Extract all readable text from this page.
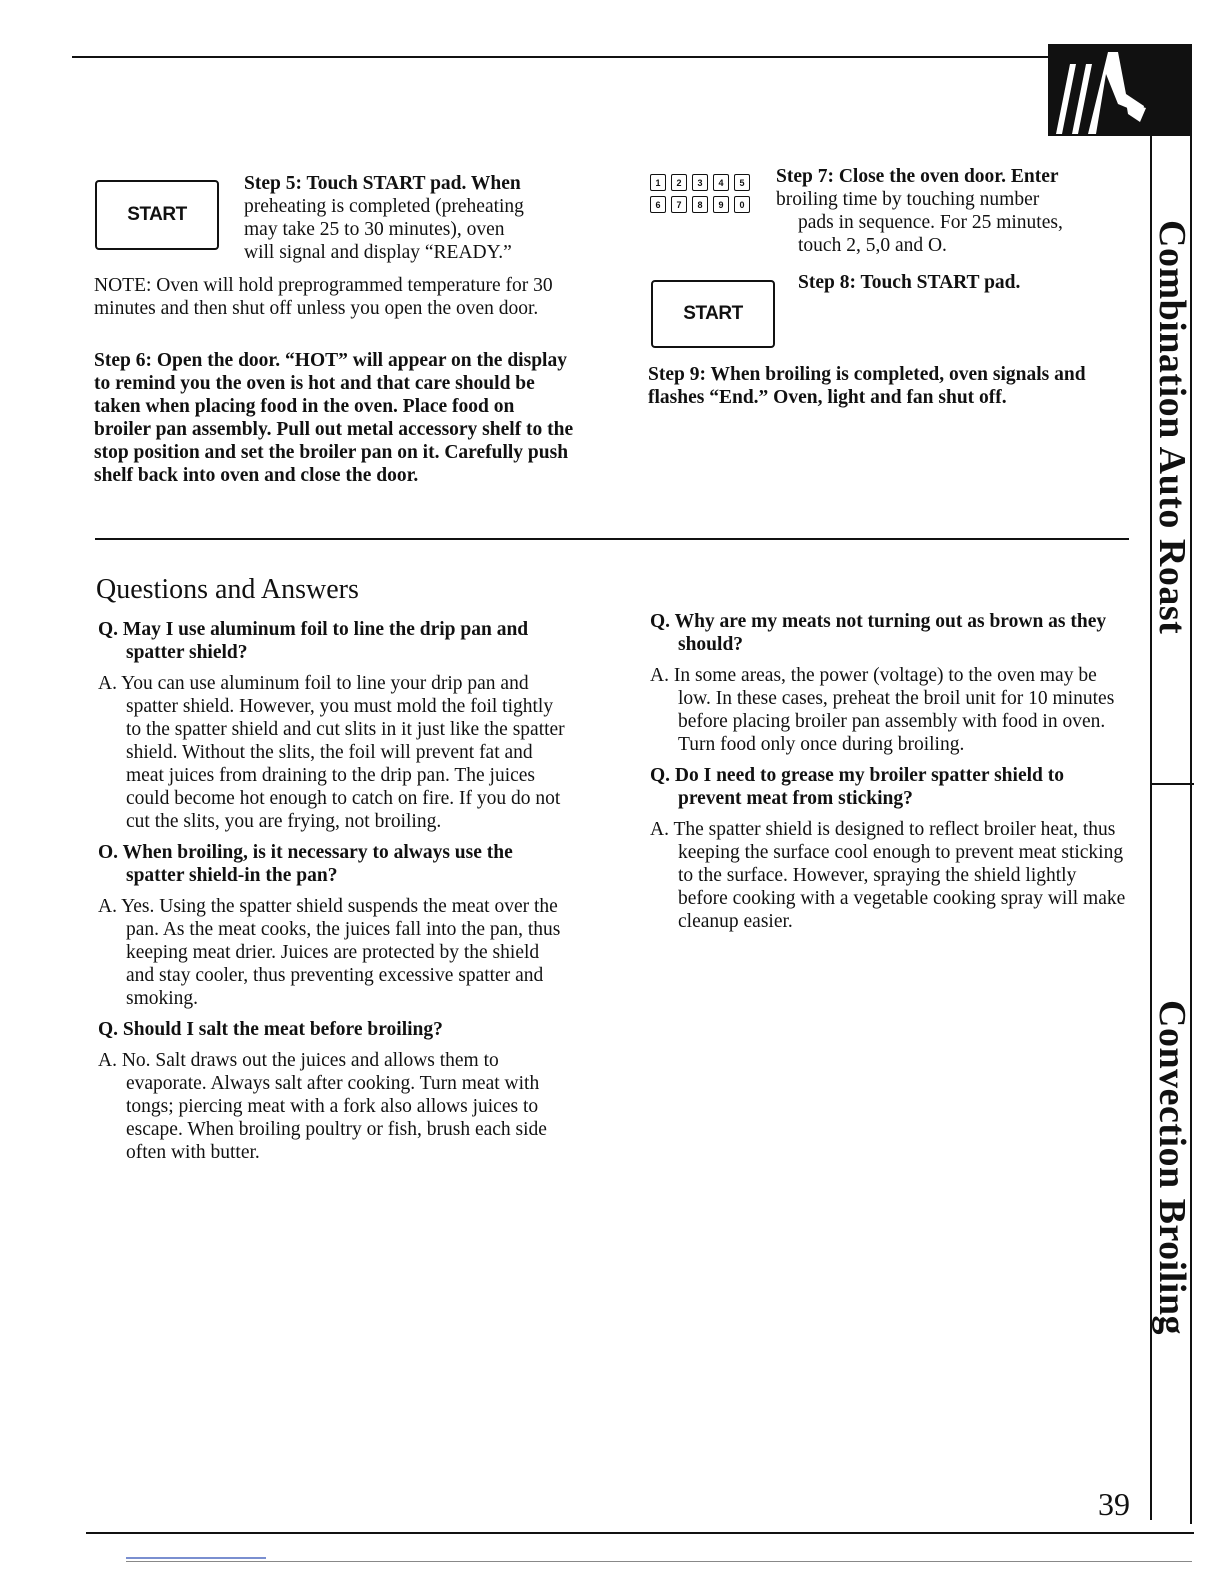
START
Step 5: Touch START pad. When
preheating is completed (preheating
may take 25 to 30 minutes), oven
will signal and display “READY.”
NOTE: Oven will hold preprogrammed temperature for 30 minutes and then shut off unless you open the oven door.
Step 6: Open the door. “HOT” will appear on the display to remind you the oven is hot and that care should be taken when placing food in the oven. Place food on broiler pan assembly. Pull out metal accessory shelf to the stop position and set the broiler pan on it. Carefully push shelf back into oven and close the door.
1	2	3	4	5
6	7	8	9	0
Step 7: Close the oven door. Enter
broiling time by touching number
pads in sequence. For 25 minutes,
touch 2, 5,0 and O.
START
Step 8: Touch START pad.
Step 9: When broiling is completed, oven signals and flashes “End.” Oven, light and fan shut off.
Questions and Answers

Q. May I use aluminum foil to line the drip pan and spatter shield?

A. You can use aluminum foil to line your drip pan and spatter shield. However, you must mold the foil tightly to the spatter shield and cut slits in it just like the spatter shield. Without the slits, the foil will prevent fat and meat juices from draining to the drip pan. The juices could become hot enough to catch on fire. If you do not cut the slits, you are frying, not broiling.

O. When broiling, is it necessary to always use the spatter shield-in the pan?

A. Yes. Using the spatter shield suspends the meat over the pan. As the meat cooks, the juices fall into the pan, thus keeping meat drier. Juices are protected by the shield and stay cooler, thus preventing excessive spatter and smoking.

Q. Should I salt the meat before broiling?

A. No. Salt draws out the juices and allows them to evaporate. Always salt after cooking. Turn meat with tongs; piercing meat with a fork also allows juices to escape. When broiling poultry or fish, brush each side often with butter.

Q. Why are my meats not turning out as brown as they should?

A. In some areas, the power (voltage) to the oven may be low. In these cases, preheat the broil unit for 10 minutes before placing broiler pan assembly with food in oven. Turn food only once during broiling.

Q. Do I need to grease my broiler spatter shield to prevent meat from sticking?

A. The spatter shield is designed to reflect broiler heat, thus keeping the surface cool enough to prevent meat sticking to the surface. However, spraying the shield lightly before cooking with a vegetable cooking spray will make cleanup easier.

Combination Auto Roast
Convection Broiling
39
